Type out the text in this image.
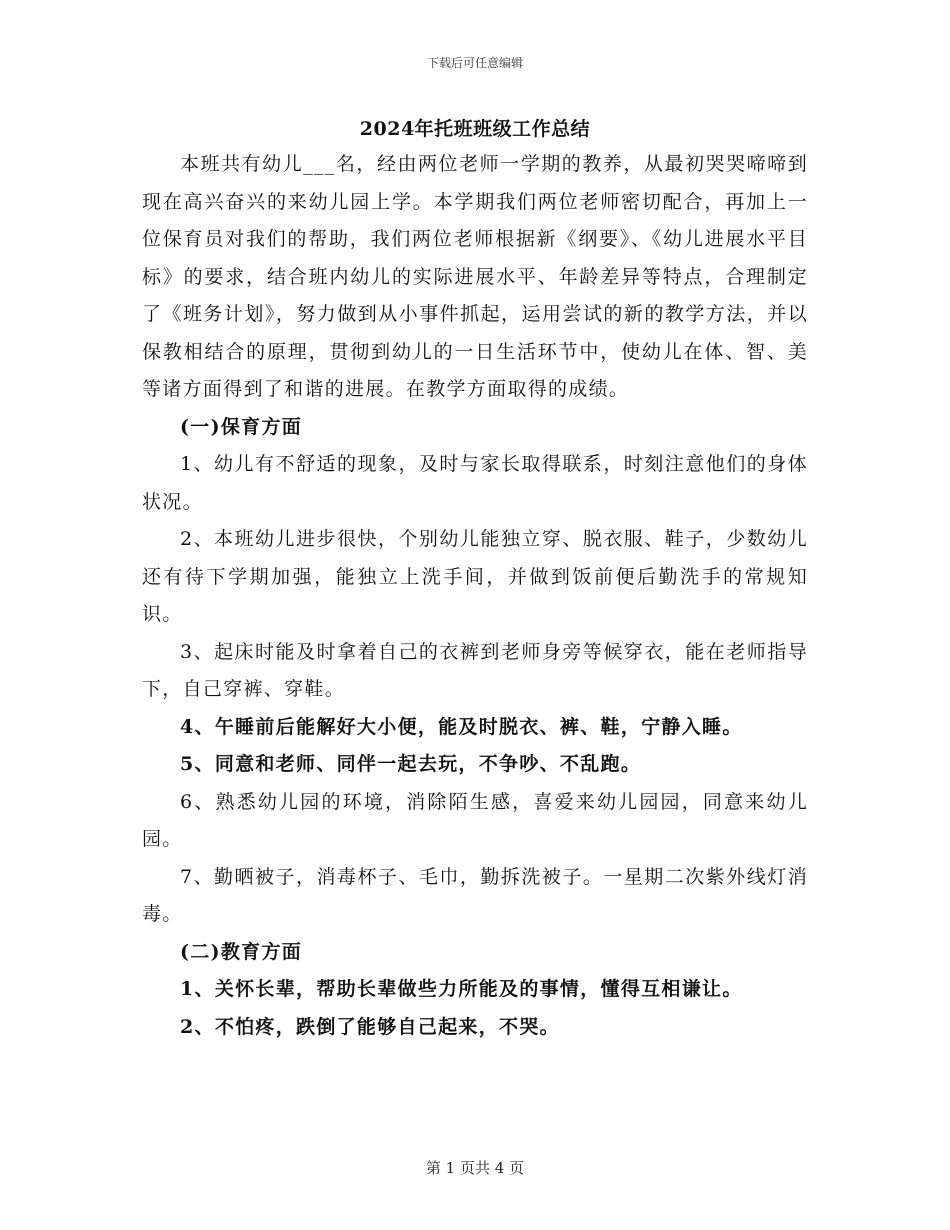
下载后可任意编辑
2024年托班班级工作总结

本班共有幼儿___名，经由两位老师一学期的教养，从最初哭哭啼啼到现在高兴奋兴的来幼儿园上学。本学期我们两位老师密切配合，再加上一位保育员对我们的帮助，我们两位老师根据新《纲要》、《幼儿进展水平目标》的要求，结合班内幼儿的实际进展水平、年龄差异等特点，合理制定了《班务计划》，努力做到从小事件抓起，运用尝试的新的教学方法，并以保教相结合的原理，贯彻到幼儿的一日生活环节中，使幼儿在体、智、美等诸方面得到了和谐的进展。在教学方面取得的成绩。

(一)保育方面

1、幼儿有不舒适的现象，及时与家长取得联系，时刻注意他们的身体状况。

2、本班幼儿进步很快，个别幼儿能独立穿、脱衣服、鞋子，少数幼儿还有待下学期加强，能独立上洗手间，并做到饭前便后勤洗手的常规知识。

3、起床时能及时拿着自己的衣裤到老师身旁等候穿衣，能在老师指导下，自己穿裤、穿鞋。

4、午睡前后能解好大小便，能及时脱衣、裤、鞋，宁静入睡。

5、同意和老师、同伴一起去玩，不争吵、不乱跑。

6、熟悉幼儿园的环境，消除陌生感，喜爱来幼儿园园，同意来幼儿园。

7、勤晒被子，消毒杯子、毛巾，勤拆洗被子。一星期二次紫外线灯消毒。

(二)教育方面

1、关怀长辈，帮助长辈做些力所能及的事情，懂得互相谦让。

2、不怕疼，跌倒了能够自己起来，不哭。

第 1 页共 4 页
